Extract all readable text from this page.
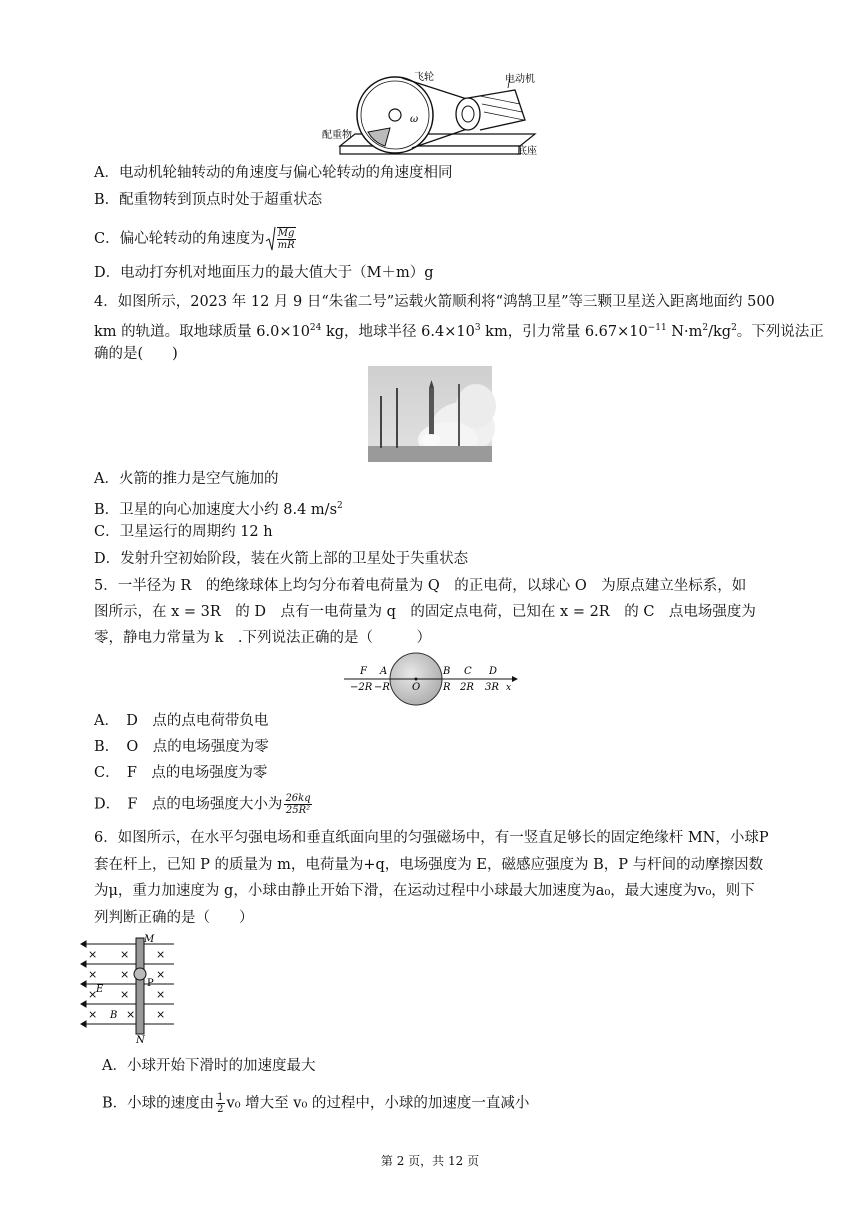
ω
飞轮	电动机
配重物
底座
A．电动机轮轴转动的角速度与偏心轮转动的角速度相同
B．配重物转到顶点时处于超重状态
C．偏心轮转动的角速度为 $\frac{Mg}{mR}$
D．电动打夯机对地面压力的最大值大于（M＋m）g
4．如图所示，2023 年 12 月 9 日“朱雀二号”运载火箭顺利将“鸿鹄卫星”等三颗卫星送入距离地面约 500
km 的轨道。取地球质量 $6.0\times 10^{24}$ kg，地球半径 $6.4\times 10^3$ km，引力常量 $6.67\times 10^{-11}$ $N\cdot m^2/kg^2$。下列说法正
确的是(　　)
A．火箭的推力是空气施加的
B．卫星的向心加速度大小约 8.4 $m/s^2$
C．卫星运行的周期约 12 h
D．发射升空初始阶段，装在火箭上部的卫星处于失重状态
5．一半径为 R　的绝缘球体上均匀分布着电荷量为 Q　的正电荷，以球心 O　为原点建立坐标系，如
图所示，在 x = 3R　的 D　点有一电荷量为 q　的固定点电荷，已知在 x = 2R　的 C　点电场强度为
零，静电力常量为 k　.下列说法正确的是（　　　）
F A	B C D
O
−2R −R	R 2R 3R x
A．　D　点的点电荷带负电
B．　O　点的电场强度为零
C．　F　点的电场强度为零
D．　F　点的电场强度大小为 $\frac{26kq}{\text{25R²}}$
6．如图所示，在水平匀强电场和垂直纸面向里的匀强磁场中，有一竖直足够长的固定绝缘杆 MN，小球P
套在杆上，已知 P 的质量为 m，电荷量为+q，电场强度为 E，磁感应强度为 B，P 与杆间的动摩擦因数
为μ，重力加速度为 g，小球由静止开始下滑，在运动过程中小球最大加速度为a₀，最大速度为v₀，则下
列判断正确的是（　　）
× × ×
× × ×
× × ×
×	× ×
M
N
P
E
B
A．小球开始下滑时的加速度最大
B．小球的速度由 $\frac{1}{2} v_0$ 增大至 v₀ 的过程中，小球的加速度一直减小
第 2 页，共 12 页
